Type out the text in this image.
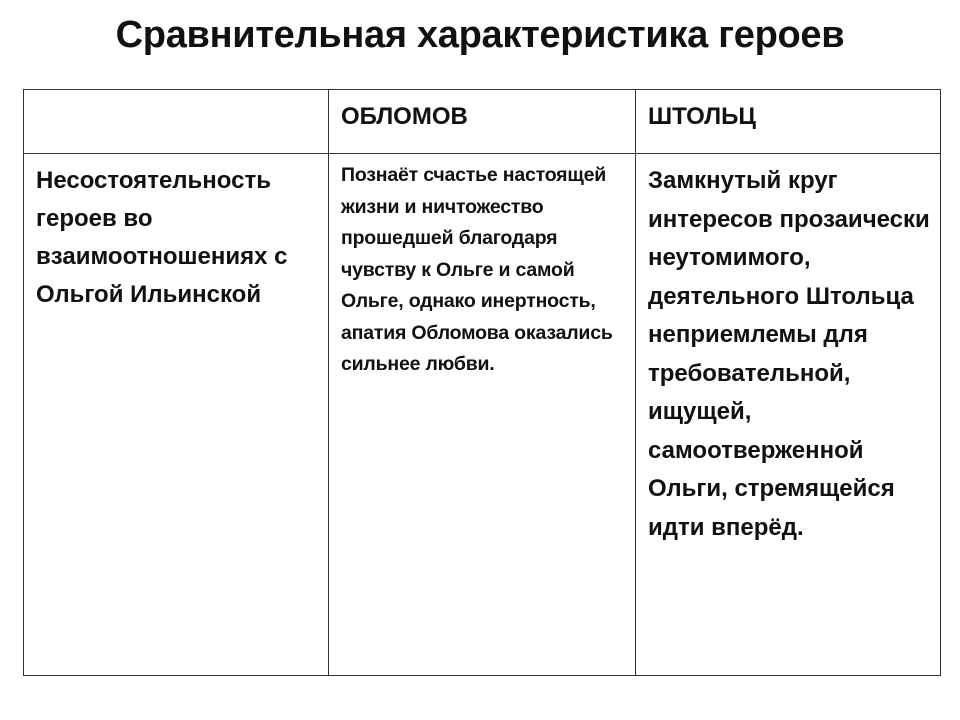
Сравнительная характеристика героев

	ОБЛОМОВ	ШТОЛЬЦ

Несостоятельность героев во взаимоотношениях с Ольгой Ильинской	Познаёт счастье настоящей жизни и ничтожество прошедшей благодаря чувству к Ольге и самой Ольге, однако инертность, апатия Обломова оказались сильнее любви.	Замкнутый круг интересов прозаически неутомимого, деятельного Штольца неприемлемы для требовательной, ищущей, самоотверженной Ольги, стремящейся идти вперёд.
